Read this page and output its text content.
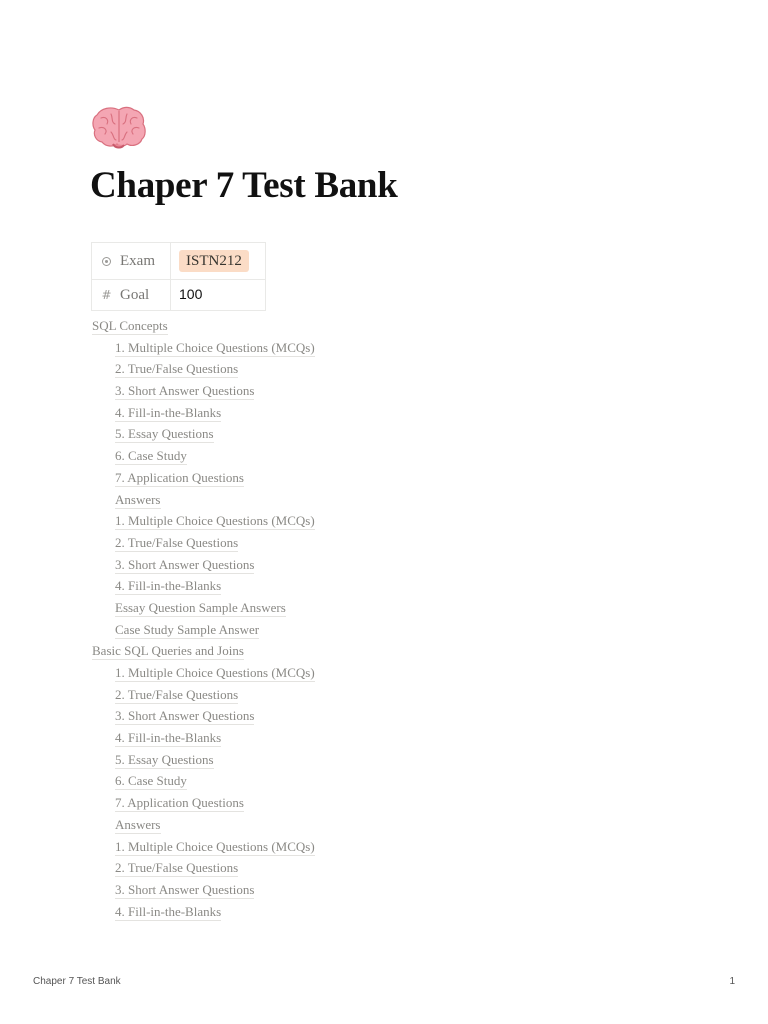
Chaper 7 Test Bank
Exam	ISTN212

# Goal	100
SQL Concepts
1. Multiple Choice Questions (MCQs)
2. True/False Questions
3. Short Answer Questions
4. Fill-in-the-Blanks
5. Essay Questions
6. Case Study
7. Application Questions
Answers
1. Multiple Choice Questions (MCQs)
2. True/False Questions
3. Short Answer Questions
4. Fill-in-the-Blanks
Essay Question Sample Answers
Case Study Sample Answer
Basic SQL Queries and Joins
1. Multiple Choice Questions (MCQs)
2. True/False Questions
3. Short Answer Questions
4. Fill-in-the-Blanks
5. Essay Questions
6. Case Study
7. Application Questions
Answers
1. Multiple Choice Questions (MCQs)
2. True/False Questions
3. Short Answer Questions
4. Fill-in-the-Blanks
Chaper 7 Test Bank	1
